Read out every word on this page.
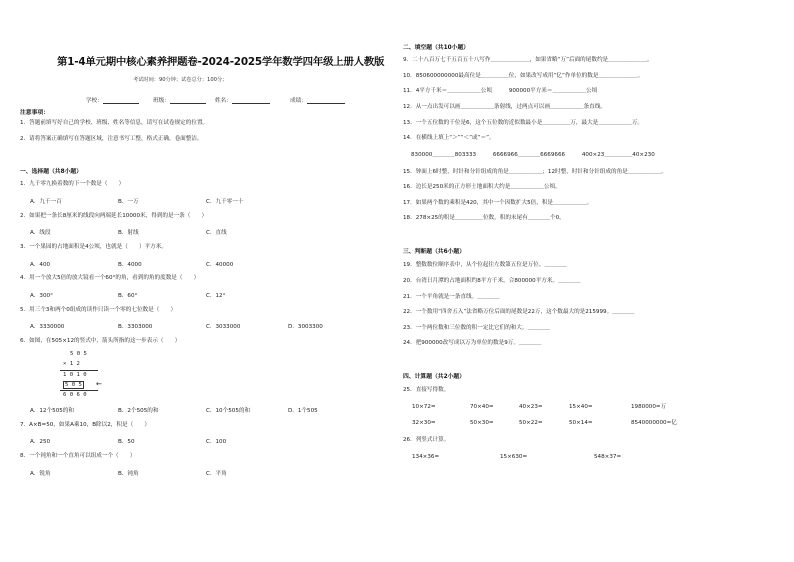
第1-4单元期中核心素养押题卷-2024-2025学年数学四年级上册人教版
考试时间：90分钟；试卷总分：100分；
学校：	班级：	姓名：	成绩：
注意事项：
1．答题前填写好自己的学校、班级、姓名等信息，请写在试卷规定的位置。
2．请将答案正确填写在答题区域，注意书写工整，格式正确，卷面整洁。
一、选择题（共8小题）
1．九千零九换着数的下一个数是（　　）
A．九千一百	B．一万	C．九千零一十
2．如果把一条长8厘米的线段向两端延长10000米，得到的是一条（　　）
A．线段	B．射线	C．直线
3．一个果园的占地面积是4公顷，也就是（　　）平方米。
A．400	B．4000	C．40000
4．用一个放大5倍的放大镜看一个60°的角，看到的角的度数是（　　）
A．300°	B．60°	C．12°
5．用三个3和两个0组成的读作只读一个零的七位数是（　　）
A．3330000	B．3303000	C．3033000	D．3003300
6．如图，在505×12的竖式中，箭头所指的这一步表示（　　）
5 0 5
× 1 2
1 0 1 0
5 0 5 ←
6 0 6 0
A．12个505的和	B．2个505的和	C．10个505的和	D．1个505
7．A×B=50，如果A乘10，B除以2，积是（　　）
A．250	B．50	C．100
8．一个钝角和一个直角可以组成一个（　　）
A．锐角	B．钝角	C．平角
二、填空题（共10小题）
9．二十八百万七千五百五十八写作＿＿＿＿＿＿＿，如果省略“万”后面的尾数约是＿＿＿＿＿＿＿。
10．850600000000最高位是＿＿＿＿＿位，如果改写成用“亿”作单位的数是＿＿＿＿＿＿＿。
11．4平方千米＝＿＿＿＿＿＿公顷　　　900000平方米＝＿＿＿＿＿＿公顷
12．从一点出发可以画＿＿＿＿＿＿条射线，过两点可以画＿＿＿＿＿＿条直线。
13．一个五位数的千位是6，这个五位数的近似数最小是＿＿＿＿＿万，最大是＿＿＿＿＿＿万。
14．在横线上填上“＞”“＜”或“＝”。
830000＿＿＿＿803333　　　6666966＿＿＿＿6669666　　　400×23＿＿＿＿＿40×230
15．钟面上6时整，时针和分针组成的角是＿＿＿＿＿＿；12时整，时针和分针组成的角是＿＿＿＿＿＿。
16．边长是250米的正方形土地面积大约是＿＿＿＿＿＿公顷。
17．如果两个数的乘积是420，其中一个因数扩大5倍，积是＿＿＿＿＿＿。
18．278×25的积是＿＿＿＿＿位数，积的末尾有＿＿＿＿个0。
三、判断题（共6小题）
19．整数数位顺序表中，从个位起往左数第五位是万位。＿＿＿＿
20．台湾日月潭的占地面积约8平方千米，合800000平方米。＿＿＿＿
21．一个平角就是一条直线。＿＿＿＿
22．一个数用“四舍五入”法省略万位后面的尾数是22万，这个数最大的是215999。＿＿＿＿
23．一个两位数和三位数的积一定比它们的和大。＿＿＿＿
24．把900000改写成以万为单位的数是9万。＿＿＿＿
四、计算题（共2小题）
25．直接写得数。
10×72=	70×40=	40×23=	15×40=	1980000=万
32×30=	50×30=	50×22=	50×14=	8540000000≈亿
26．列竖式计算。
134×36=	15×630=	548×37=
